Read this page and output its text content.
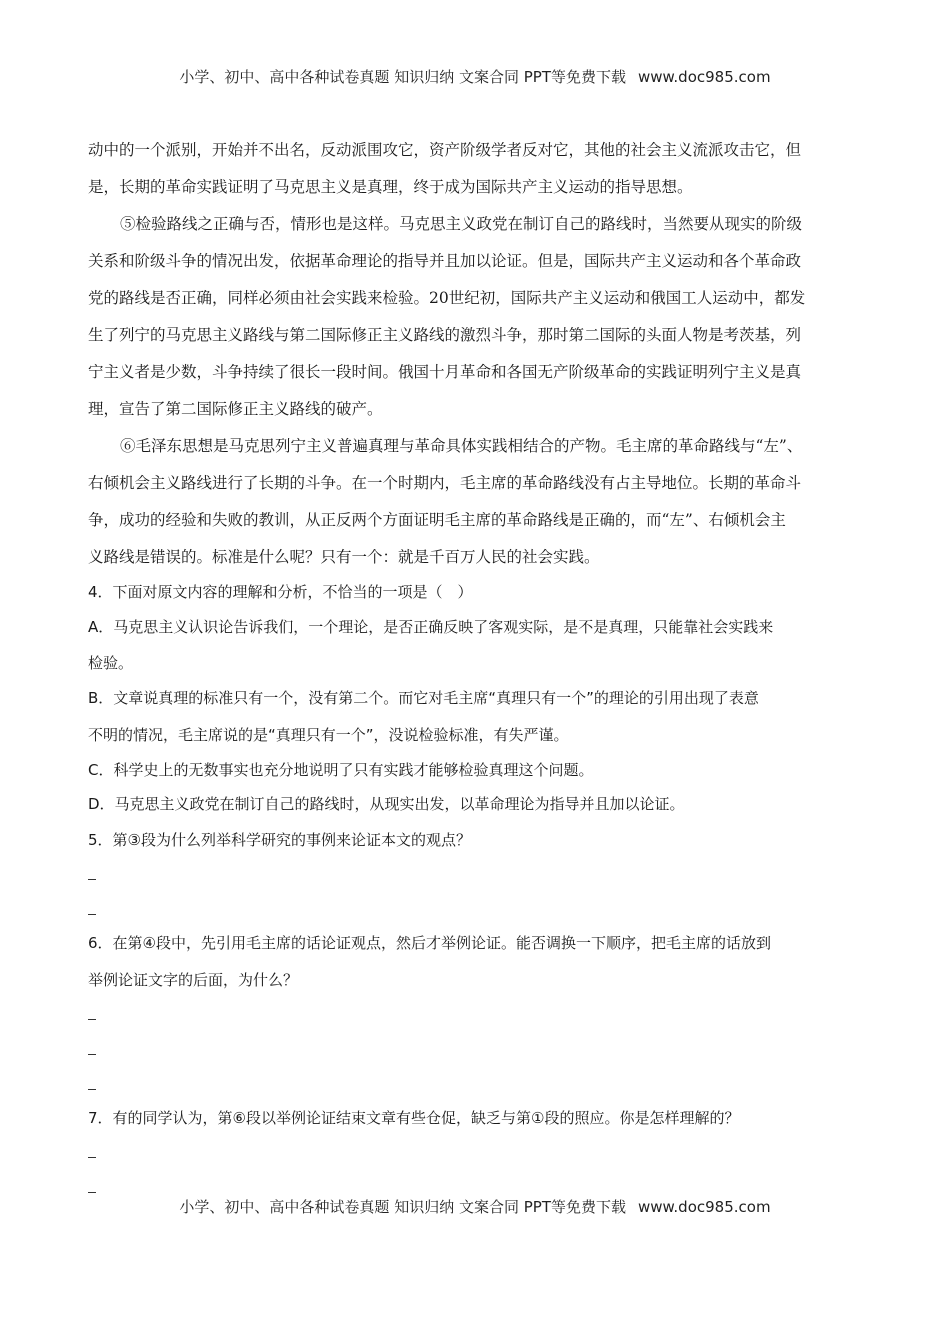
小学、初中、高中各种试卷真题 知识归纳 文案合同 PPT等免费下载 www.doc985.com
动中的一个派别，开始并不出名，反动派围攻它，资产阶级学者反对它，其他的社会主义流派攻击它，但
是，长期的革命实践证明了马克思主义是真理，终于成为国际共产主义运动的指导思想。
⑤检验路线之正确与否，情形也是这样。马克思主义政党在制订自己的路线时，当然要从现实的阶级
关系和阶级斗争的情况出发，依据革命理论的指导并且加以论证。但是，国际共产主义运动和各个革命政
党的路线是否正确，同样必须由社会实践来检验。20世纪初，国际共产主义运动和俄国工人运动中，都发
生了列宁的马克思主义路线与第二国际修正主义路线的激烈斗争，那时第二国际的头面人物是考茨基，列
宁主义者是少数，斗争持续了很长一段时间。俄国十月革命和各国无产阶级革命的实践证明列宁主义是真
理，宣告了第二国际修正主义路线的破产。
⑥毛泽东思想是马克思列宁主义普遍真理与革命具体实践相结合的产物。毛主席的革命路线与“左”、
右倾机会主义路线进行了长期的斗争。在一个时期内，毛主席的革命路线没有占主导地位。长期的革命斗
争，成功的经验和失败的教训，从正反两个方面证明毛主席的革命路线是正确的，而“左”、右倾机会主
义路线是错误的。标准是什么呢？只有一个：就是千百万人民的社会实践。
4．下面对原文内容的理解和分析，不恰当的一项是（　）
A．马克思主义认识论告诉我们，一个理论，是否正确反映了客观实际，是不是真理，只能靠社会实践来
检验。
B．文章说真理的标准只有一个，没有第二个。而它对毛主席“真理只有一个”的理论的引用出现了表意
不明的情况，毛主席说的是“真理只有一个”，没说检验标准，有失严谨。
C．科学史上的无数事实也充分地说明了只有实践才能够检验真理这个问题。
D．马克思主义政党在制订自己的路线时，从现实出发，以革命理论为指导并且加以论证。
5．第③段为什么列举科学研究的事例来论证本文的观点？
6．在第④段中，先引用毛主席的话论证观点，然后才举例论证。能否调换一下顺序，把毛主席的话放到
举例论证文字的后面，为什么？
7．有的同学认为，第⑥段以举例论证结束文章有些仓促，缺乏与第①段的照应。你是怎样理解的？
小学、初中、高中各种试卷真题 知识归纳 文案合同 PPT等免费下载 www.doc985.com
